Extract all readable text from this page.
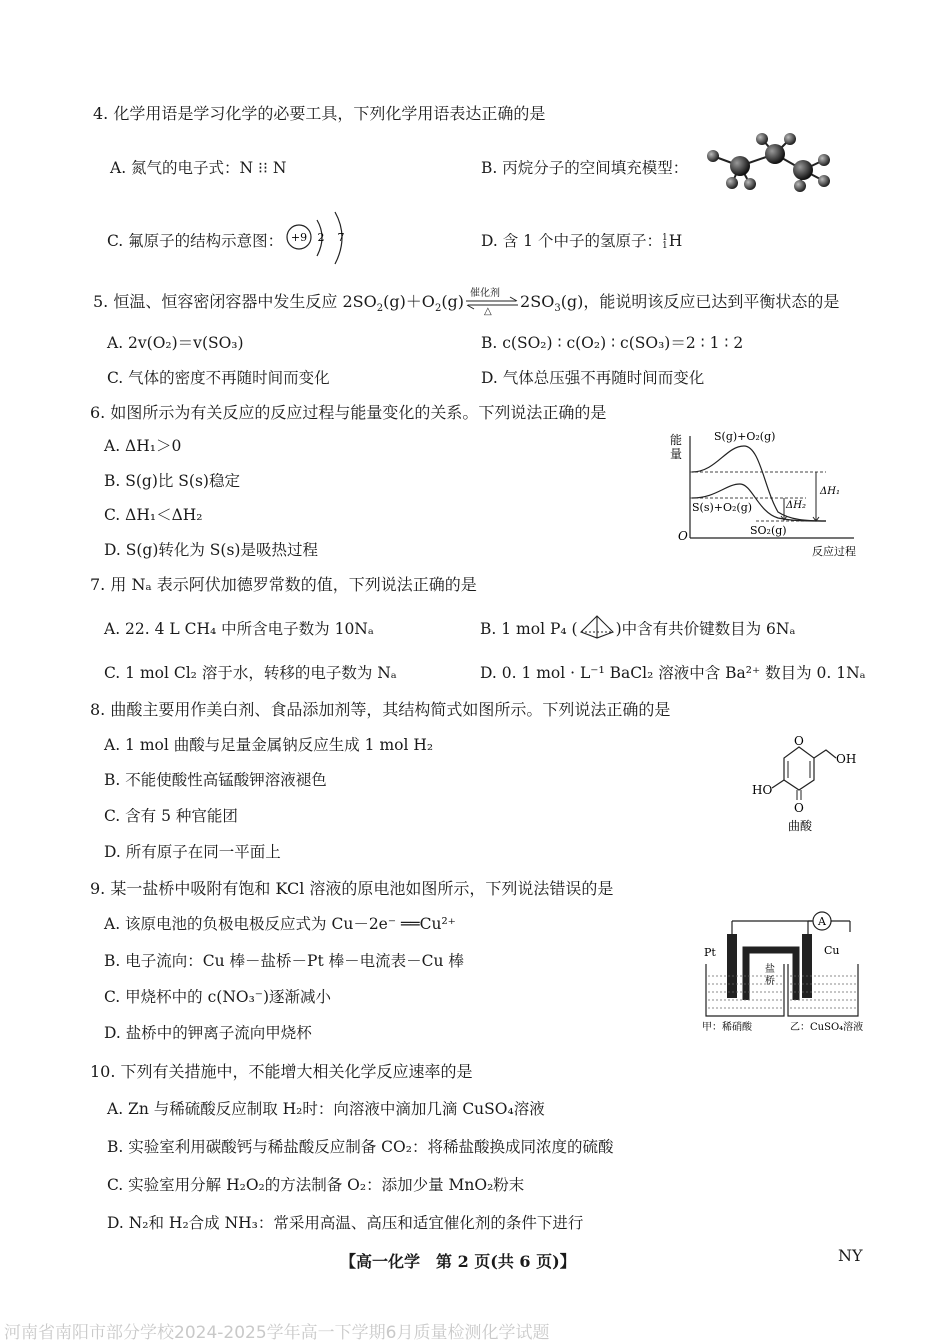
4. 化学用语是学习化学的必要工具，下列化学用语表达正确的是
A. 氮气的电子式：N ⁝⁝ N	B. 丙烷分子的空间填充模型：
C. 氟原子的结构示意图： +9 2 7	D. 含 1 个中子的氢原子：1
1H
5. 恒温、恒容密闭容器中发生反应 $2SO_2(g)+O_2(g)$ 催化剂
△ $2SO_3(g)$，能说明该反应已达到平衡状态的是
A. 2v(O₂)＝v(SO₃)	B. c(SO₂) ∶ c(O₂) ∶ c(SO₃)＝2 ∶ 1 ∶ 2
C. 气体的密度不再随时间而变化	D. 气体总压强不再随时间而变化
6. 如图所示为有关反应的反应过程与能量变化的关系。下列说法正确的是
A. ΔH₁＞0
B. S(g)比 S(s)稳定
C. ΔH₁＜ΔH₂
D. S(g)转化为 S(s)是吸热过程
能
量
O
反应过程
S(g)+O₂(g)
S(s)+O₂(g)
SO₂(g)
ΔH₁
ΔH₂
7. 用 Nₐ 表示阿伏加德罗常数的值，下列说法正确的是
A. 22. 4 L CH₄ 中所含电子数为 10Nₐ	B. 1 mol P₄ ( )中含有共价键数目为 6Nₐ
C. 1 mol Cl₂ 溶于水，转移的电子数为 Nₐ	D. 0. 1 mol · L⁻¹ BaCl₂ 溶液中含 Ba²⁺ 数目为 0. 1Nₐ
8. 曲酸主要用作美白剂、食品添加剂等，其结构简式如图所示。下列说法正确的是
A. 1 mol 曲酸与足量金属钠反应生成 1 mol H₂
B. 不能使酸性高锰酸钾溶液褪色
C. 含有 5 种官能团
D. 所有原子在同一平面上
O
OH
HO
O
曲酸
9. 某一盐桥中吸附有饱和 KCl 溶液的原电池如图所示，下列说法错误的是
A. 该原电池的负极电极反应式为 Cu－2e⁻ ══Cu²⁺
B. 电子流向：Cu 棒－盐桥－Pt 棒－电流表－Cu 棒
C. 甲烧杯中的 c(NO₃⁻)逐渐减小
D. 盐桥中的钾离子流向甲烧杯
A
Pt	Cu
盐
桥
甲：稀硝酸	乙：CuSO₄溶液
10. 下列有关措施中，不能增大相关化学反应速率的是
A. Zn 与稀硫酸反应制取 H₂时：向溶液中滴加几滴 CuSO₄溶液
B. 实验室利用碳酸钙与稀盐酸反应制备 CO₂：将稀盐酸换成同浓度的硫酸
C. 实验室用分解 H₂O₂的方法制备 O₂：添加少量 MnO₂粉末
D. N₂和 H₂合成 NH₃：常采用高温、高压和适宜催化剂的条件下进行
【高一化学　第 2 页(共 6 页)】	NY
河南省南阳市部分学校2024-2025学年高一下学期6月质量检测化学试题
